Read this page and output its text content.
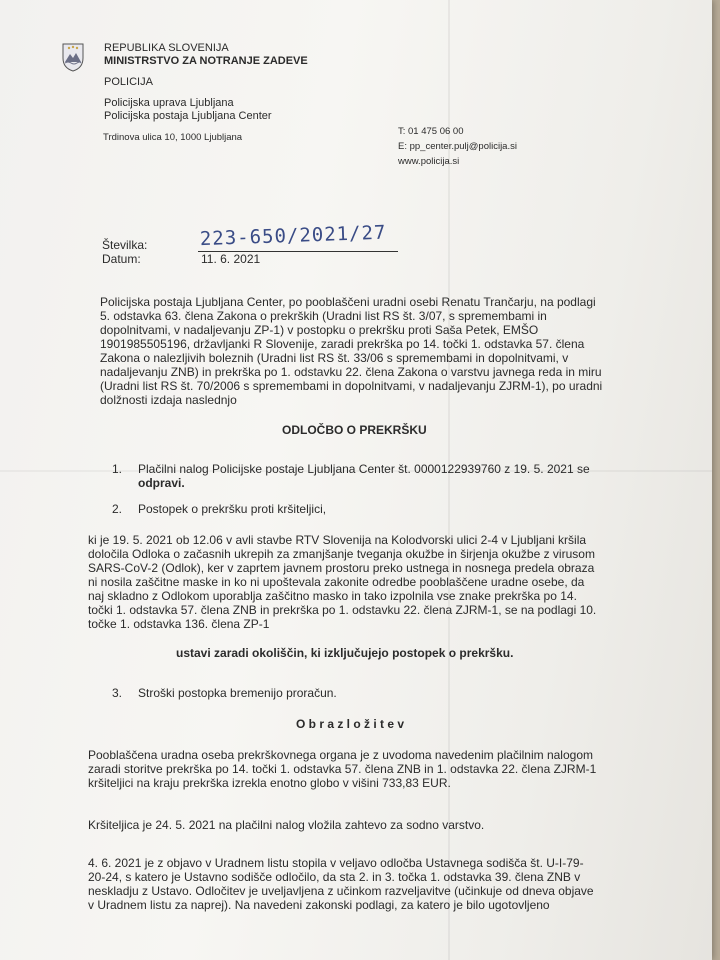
REPUBLIKA SLOVENIJA
MINISTRSTVO ZA NOTRANJE ZADEVE
POLICIJA
Policijska uprava Ljubljana
Policijska postaja Ljubljana Center
Trdinova ulica 10, 1000 Ljubljana
T: 01 475 06 00
E: pp_center.pulj@policija.si
www.policija.si
Številka:	223-650/2021/27
Datum:	11. 6. 2021
Policijska postaja Ljubljana Center, po pooblaščeni uradni osebi Renatu Trančarju, na podlagi
5. odstavka 63. člena Zakona o prekrških (Uradni list RS št. 3/07, s spremembami in
dopolnitvami, v nadaljevanju ZP-1) v postopku o prekršku proti Saša Petek, EMŠO
1901985505196, državljanki R Slovenije, zaradi prekrška po 14. točki 1. odstavka 57. člena
Zakona o nalezljivih boleznih (Uradni list RS št. 33/06 s spremembami in dopolnitvami, v
nadaljevanju ZNB) in prekrška po 1. odstavku 22. člena Zakona o varstvu javnega reda in miru
(Uradni list RS št. 70/2006 s spremembami in dopolnitvami, v nadaljevanju ZJRM-1), po uradni
dolžnosti izdaja naslednjo
ODLOČBO O PREKRŠKU
1. Plačilni nalog Policijske postaje Ljubljana Center št. 0000122939760 z 19. 5. 2021 se
odpravi.
2. Postopek o prekršku proti kršiteljici,
ki je 19. 5. 2021 ob 12.06 v avli stavbe RTV Slovenija na Kolodvorski ulici 2-4 v Ljubljani kršila
določila Odloka o začasnih ukrepih za zmanjšanje tveganja okužbe in širjenja okužbe z virusom
SARS-CoV-2 (Odlok), ker v zaprtem javnem prostoru preko ustnega in nosnega predela obraza
ni nosila zaščitne maske in ko ni upoštevala zakonite odredbe pooblaščene uradne osebe, da
naj skladno z Odlokom uporablja zaščitno masko in tako izpolnila vse znake prekrška po 14.
točki 1. odstavka 57. člena ZNB in prekrška po 1. odstavku 22. člena ZJRM-1, se na podlagi 10.
točke 1. odstavka 136. člena ZP-1
ustavi zaradi okoliščin, ki izključujejo postopek o prekršku.
3. Stroški postopka bremenijo proračun.
O b r a z l o ž i t e v
Pooblaščena uradna oseba prekrškovnega organa je z uvodoma navedenim plačilnim nalogom
zaradi storitve prekrška po 14. točki 1. odstavka 57. člena ZNB in 1. odstavka 22. člena ZJRM-1
kršiteljici na kraju prekrška izrekla enotno globo v višini 733,83 EUR.
Kršiteljica je 24. 5. 2021 na plačilni nalog vložila zahtevo za sodno varstvo.
4. 6. 2021 je z objavo v Uradnem listu stopila v veljavo odločba Ustavnega sodišča št. U-I-79-
20-24, s katero je Ustavno sodišče odločilo, da sta 2. in 3. točka 1. odstavka 39. člena ZNB v
neskladju z Ustavo. Odločitev je uveljavljena z učinkom razveljavitve (učinkuje od dneva objave
v Uradnem listu za naprej). Na navedeni zakonski podlagi, za katero je bilo ugotovljeno
